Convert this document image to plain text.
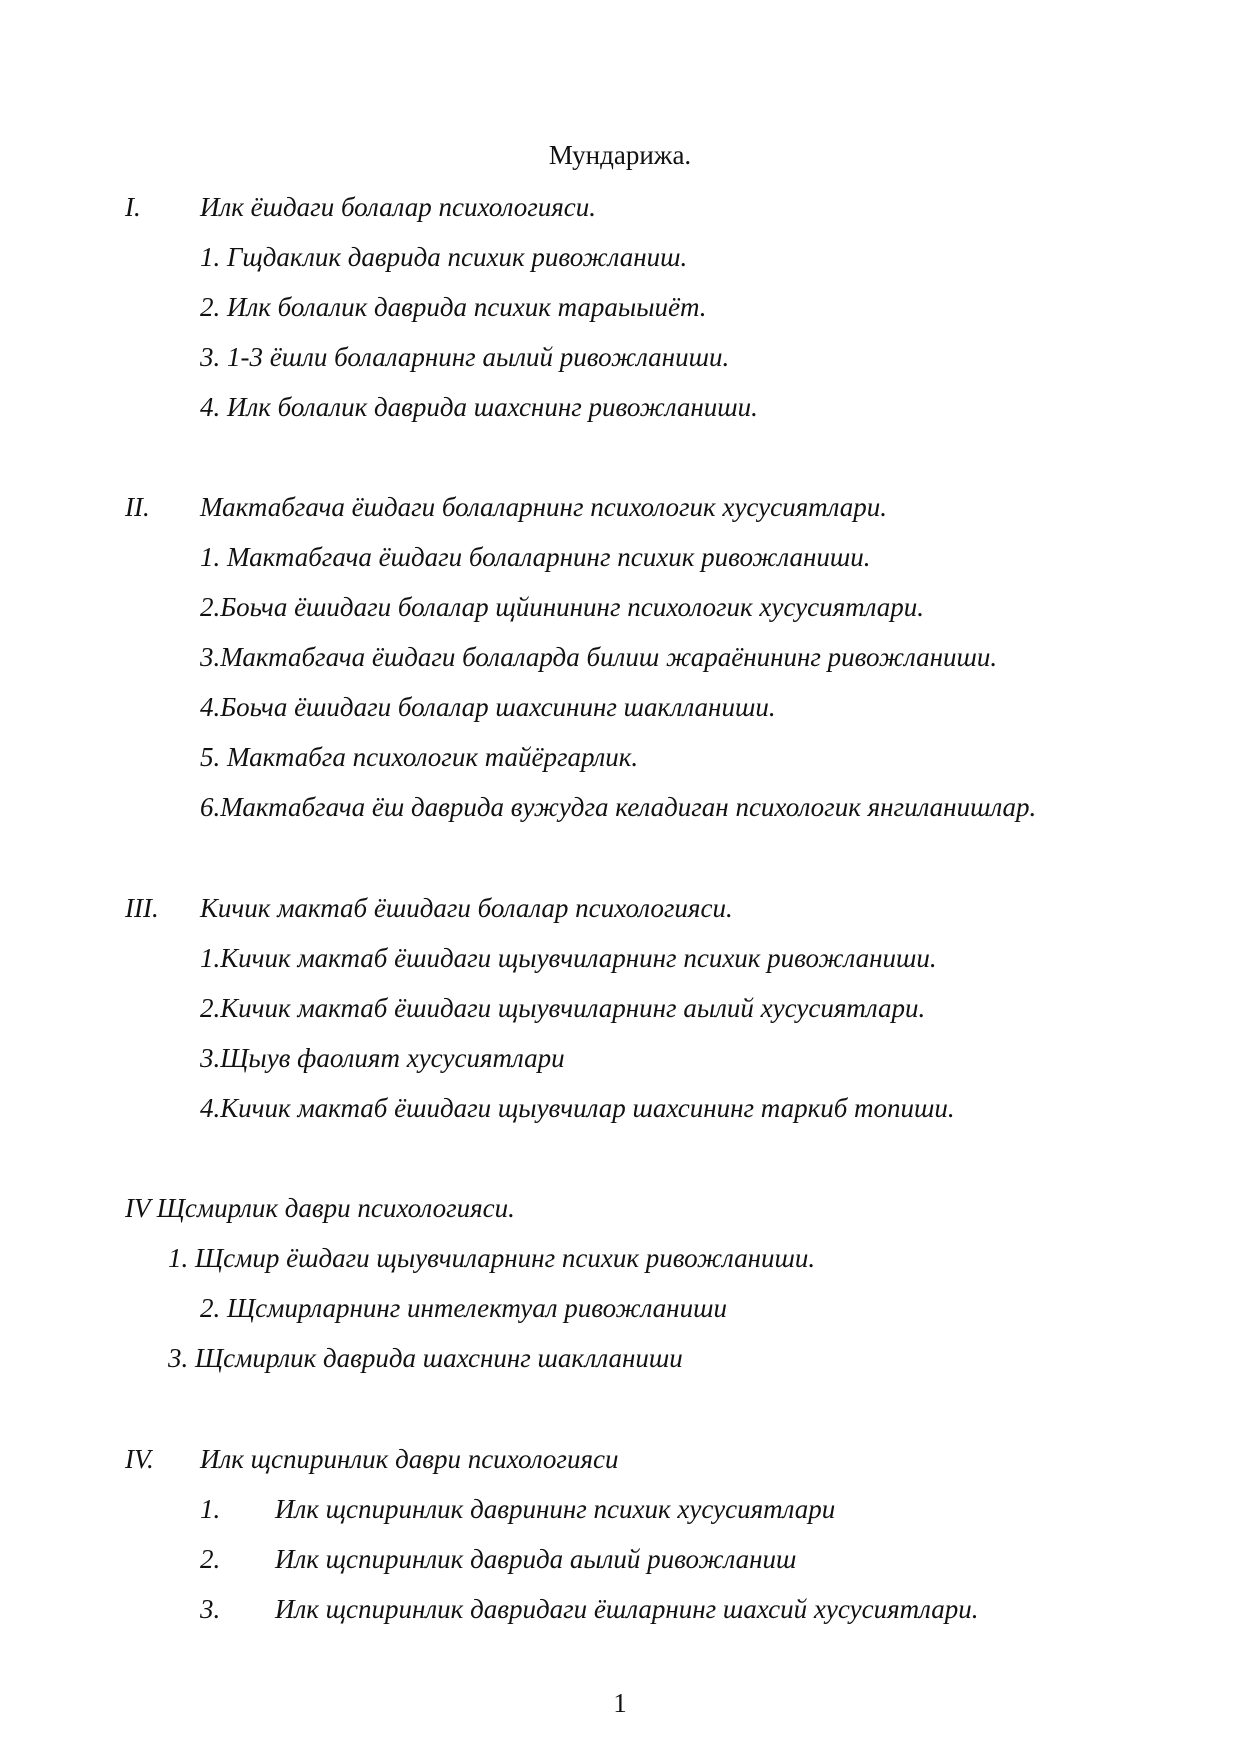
Мундарижа.
I. Илк ёшдаги болалар психологияси.
1. Гщдаклик даврида психик ривожланиш.
2. Илк болалик даврида психик тараыыиёт.
3. 1-3 ёшли болаларнинг аылий ривожланиши.
4. Илк болалик даврида шахснинг ривожланиши.
II. Мактабгача ёшдаги болаларнинг психологик хусусиятлари.
1. Мактабгача ёшдаги болаларнинг психик ривожланиши.
2.Боьча ёшидаги болалар щйинининг психологик хусусиятлари.
3.Мактабгача ёшдаги болаларда билиш жараёнининг ривожланиши.
4.Боьча ёшидаги болалар шахсининг шаклланиши.
5. Мактабга психологик тайёргарлик.
6.Мактабгача ёш даврида вужудга келадиган психологик янгиланишлар.
III. Кичик мактаб ёшидаги болалар психологияси.
1.Кичик мактаб ёшидаги щыувчиларнинг психик ривожланиши.
2.Кичик мактаб ёшидаги щыувчиларнинг аылий хусусиятлари.
3.Щыув фаолият хусусиятлари
4.Кичик мактаб ёшидаги щыувчилар шахсининг таркиб топиши.
IV Щсмирлик даври психологияси.
1. Щсмир ёшдаги щыувчиларнинг психик ривожланиши.
2. Щсмирларнинг интелектуал ривожланиши
3. Щсмирлик даврида шахснинг шаклланиши
IV. Илк щспиринлик даври психологияси
1. Илк щспиринлик даврининг психик хусусиятлари
2. Илк щспиринлик даврида аылий ривожланиш
3. Илк щспиринлик давридаги ёшларнинг шахсий хусусиятлари.
1
